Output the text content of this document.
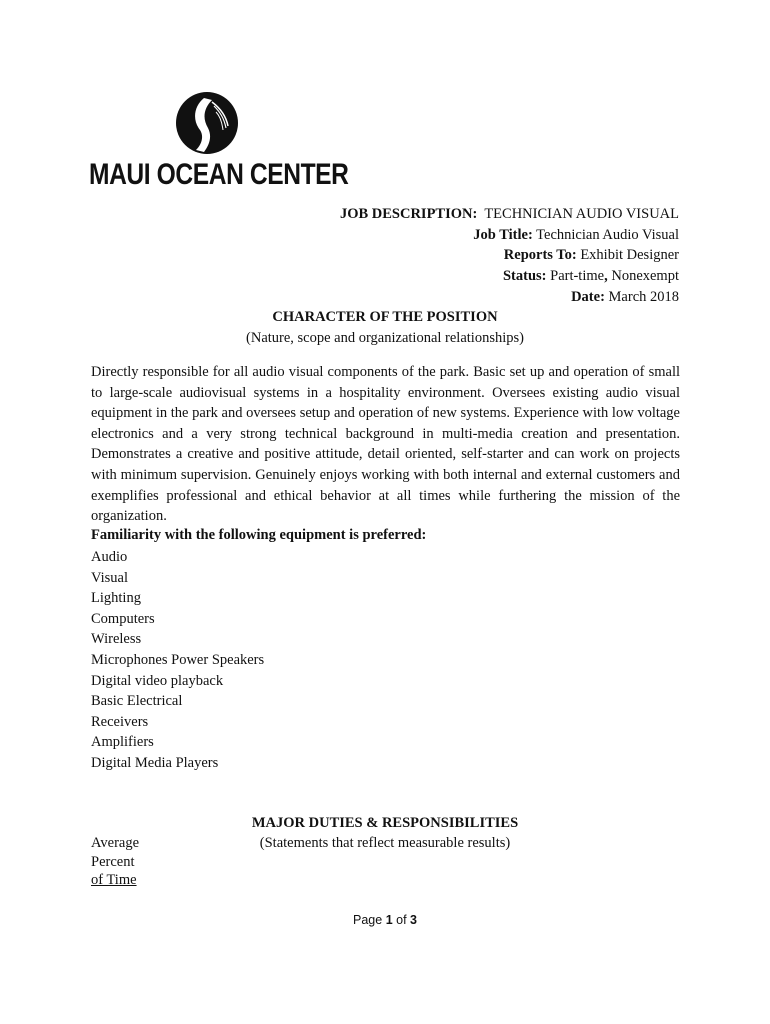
MAUI OCEAN CENTER
JOB DESCRIPTION: TECHNICIAN AUDIO VISUAL
Job Title: Technician Audio Visual
Reports To: Exhibit Designer
Status: Part-time, Nonexempt
Date: March 2018
CHARACTER OF THE POSITION
(Nature, scope and organizational relationships)
Directly responsible for all audio visual components of the park. Basic set up and operation of small to large-scale audiovisual systems in a hospitality environment. Oversees existing audio visual equipment in the park and oversees setup and operation of new systems. Experience with low voltage electronics and a very strong technical background in multi-media creation and presentation. Demonstrates a creative and positive attitude, detail oriented, self-starter and can work on projects with minimum supervision. Genuinely enjoys working with both internal and external customers and exemplifies professional and ethical behavior at all times while furthering the mission of the organization.
Familiarity with the following equipment is preferred:
Audio
Visual
Lighting
Computers
Wireless
Microphones Power Speakers
Digital video playback
Basic Electrical
Receivers
Amplifiers
Digital Media Players
MAJOR DUTIES & RESPONSIBILITIES
(Statements that reflect measurable results)
Average
Percent
of Time
Page 1 of 3
